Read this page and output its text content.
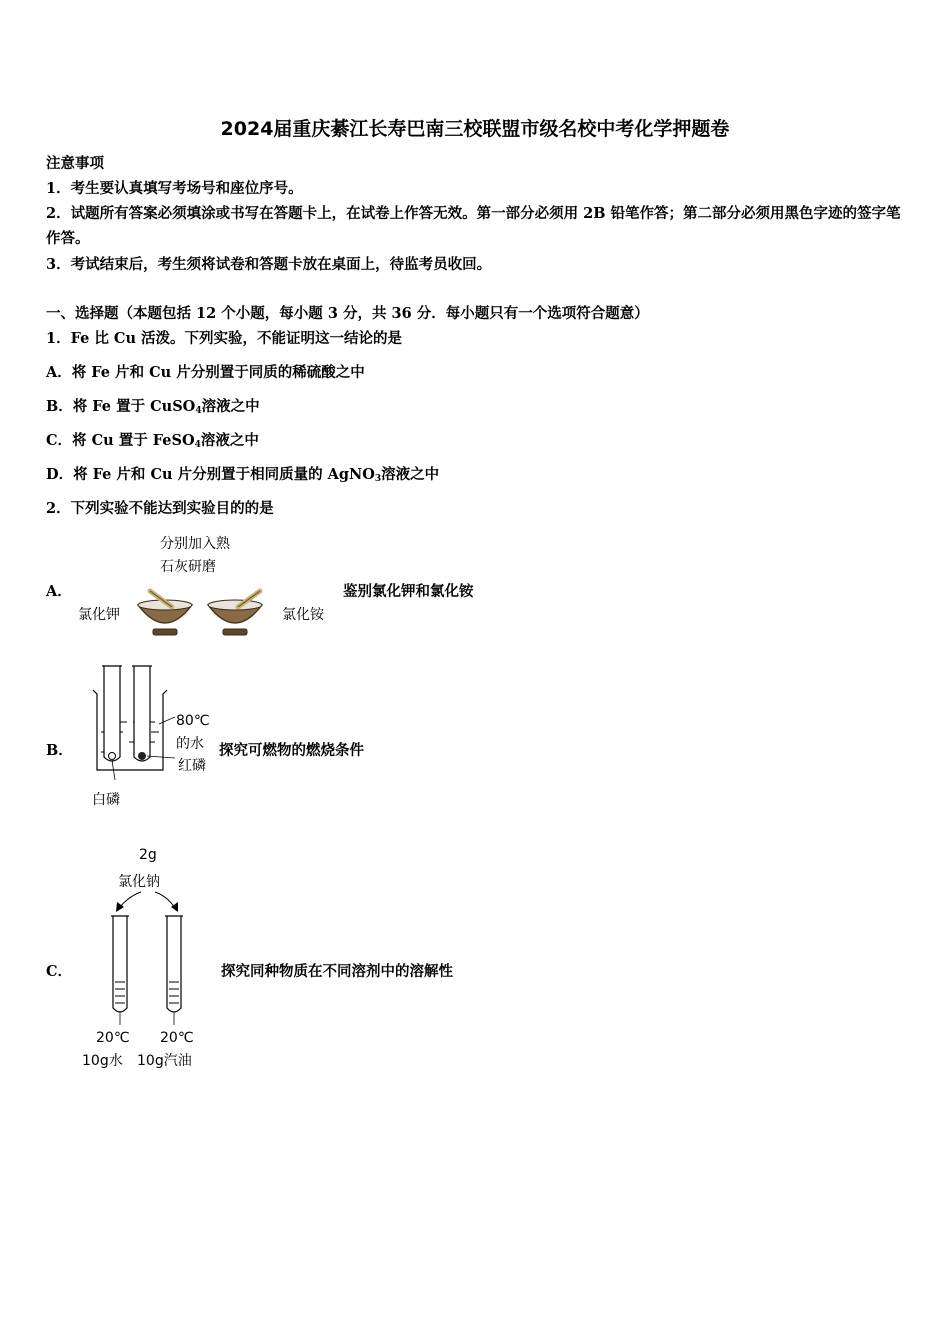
2024届重庆綦江长寿巴南三校联盟市级名校中考化学押题卷
注意事项
1．考生要认真填写考场号和座位序号。
2．试题所有答案必须填涂或书写在答题卡上，在试卷上作答无效。第一部分必须用 2B 铅笔作答；第二部分必须用黑色字迹的签字笔作答。
3．考试结束后，考生须将试卷和答题卡放在桌面上，待监考员收回。
一、选择题（本题包括 12 个小题，每小题 3 分，共 36 分．每小题只有一个选项符合题意）
1．Fe 比 Cu 活泼。下列实验，不能证明这一结论的是
A．将 Fe 片和 Cu 片分别置于同质的稀硫酸之中
B．将 Fe 置于 CuSO$_4$溶液之中
C．将 Cu 置于 FeSO$_4$溶液之中
D．将 Fe 片和 Cu 片分别置于相同质量的 AgNO$_3$溶液之中
2．下列实验不能达到实验目的的是
A．
分别加入熟
石灰研磨
氯化钾	氯化铵
鉴别氯化钾和氯化铵
B．
80℃
的水
红磷
白磷
探究可燃物的燃烧条件
C．
2g
氯化钠
20℃
10g水
20℃
10g汽油
探究同种物质在不同溶剂中的溶解性
